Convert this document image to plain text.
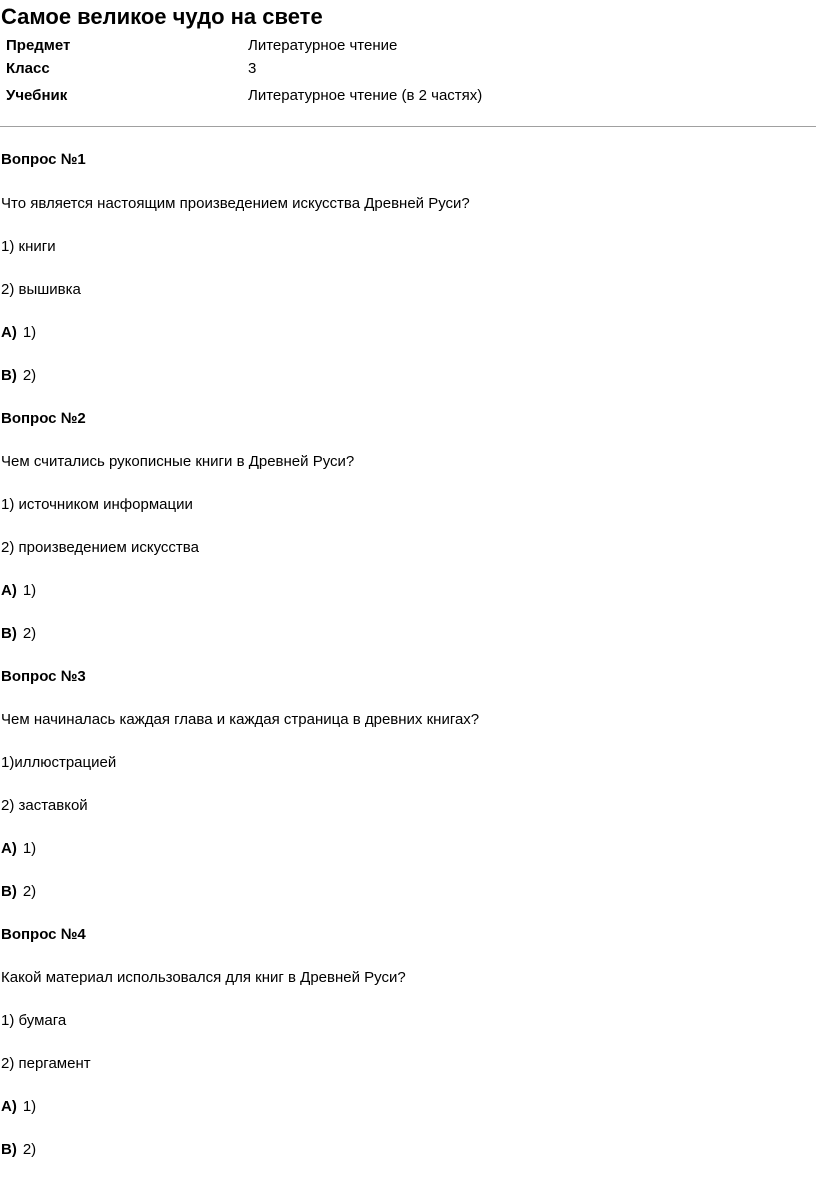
Самое великое чудо на свете
Предмет	Литературное чтение
Класс	3
Учебник	Литературное чтение (в 2 частях)
Вопрос №1
Что является настоящим произведением искусства Древней Руси?
1) книги
2) вышивка
A) 1)
B) 2)
Вопрос №2
Чем считались рукописные книги в Древней Руси?
1) источником информации
2) произведением искусства
A) 1)
B) 2)
Вопрос №3
Чем начиналась каждая глава и каждая страница в древних книгах?
1)иллюстрацией
2) заставкой
A) 1)
B) 2)
Вопрос №4
Какой материал использовался для книг в Древней Руси?
1) бумага
2) пергамент
A) 1)
B) 2)
